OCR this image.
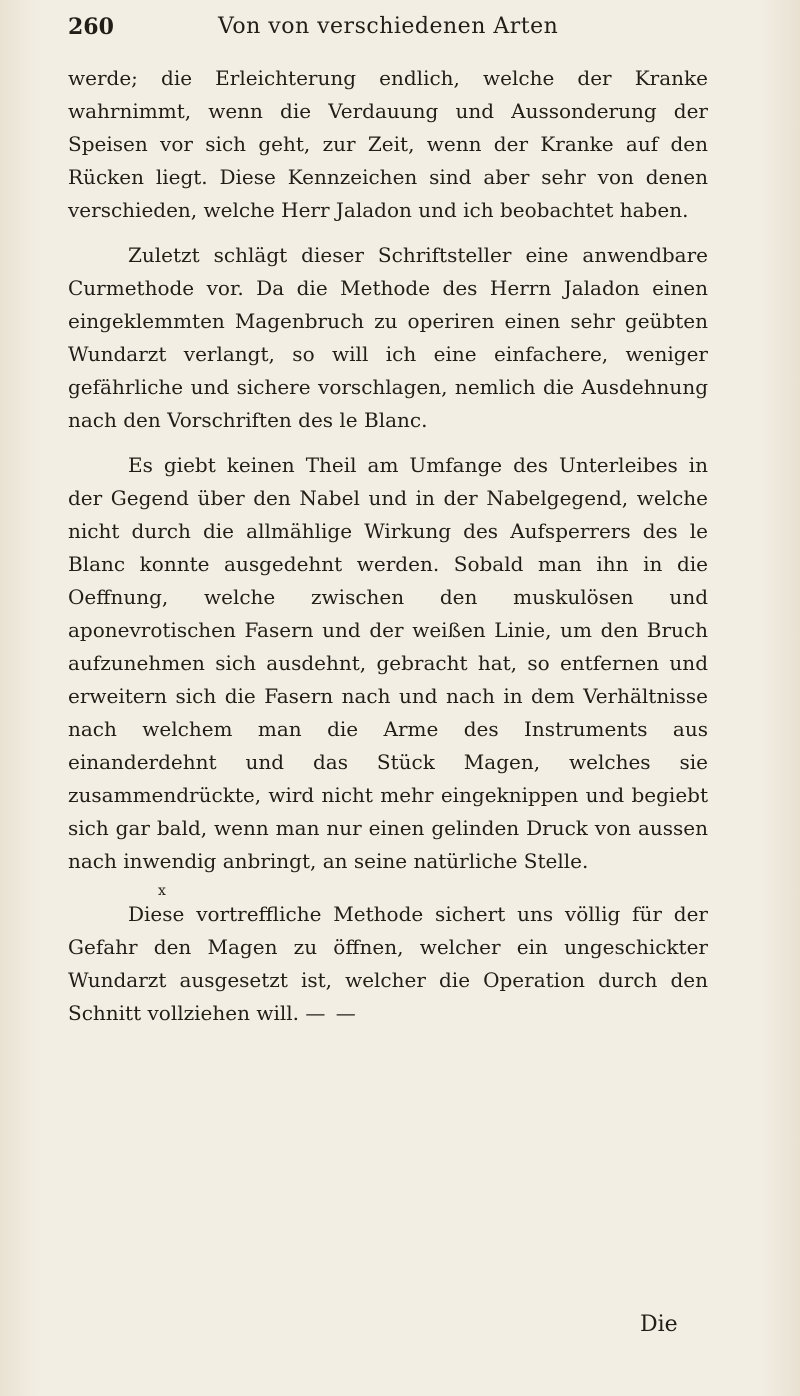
260	Von von verschiedenen Arten

werde; die Erleichterung endlich, welche der Kranke wahrnimmt, wenn die Verdauung und Aussonderung der Speisen vor sich geht, zur Zeit, wenn der Kranke auf den Rücken liegt. Diese Kennzeichen sind aber sehr von denen verschieden, welche Herr Jaladon und ich beobachtet haben.

Zuletzt schlägt dieser Schriftsteller eine anwendbare Curmethode vor. Da die Methode des Herrn Jaladon einen eingeklemmten Magenbruch zu operiren einen sehr geübten Wundarzt verlangt, so will ich eine einfachere, weniger gefährliche und sichere vorschlagen, nemlich die Ausdehnung nach den Vorschriften des le Blanc.

Es giebt keinen Theil am Umfange des Unterleibes in der Gegend über den Nabel und in der Nabelgegend, welche nicht durch die allmählige Wirkung des Aufsperrers des le Blanc konnte ausgedehnt werden. Sobald man ihn in die Oeffnung, welche zwischen den muskulösen und aponevrotischen Fasern und der weißen Linie, um den Bruch aufzunehmen sich ausdehnt, gebracht hat, so entfernen und erweitern sich die Fasern nach und nach in dem Verhältnisse nach welchem man die Arme des Instruments aus einanderdehnt und das Stück Magen, welches sie zusammendrückte, wird nicht mehr eingeknippen und begiebt sich gar bald, wenn man nur einen gelinden Druck von aussen nach inwendig anbringt, an seine natürliche Stelle.

x

Diese vortreffliche Methode sichert uns völlig für der Gefahr den Magen zu öffnen, welcher ein ungeschickter Wundarzt ausgesetzt ist, welcher die Operation durch den Schnitt vollziehen will. — —

Die
